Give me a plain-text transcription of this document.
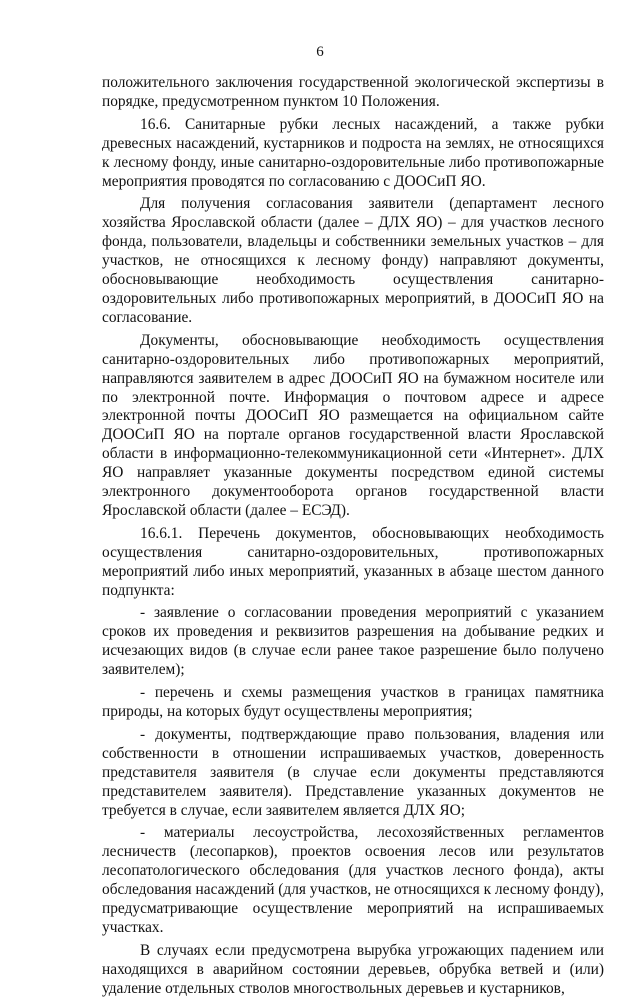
6

положительного заключения государственной экологической экспертизы в порядке, предусмотренном пунктом 10 Положения.

16.6. Санитарные рубки лесных насаждений, а также рубки древесных насаждений, кустарников и подроста на землях, не относящихся к лесному фонду, иные санитарно-оздоровительные либо противопожарные мероприятия проводятся по согласованию с ДООСиП ЯО.

Для получения согласования заявители (департамент лесного хозяйства Ярославской области (далее – ДЛХ ЯО) – для участков лесного фонда, пользователи, владельцы и собственники земельных участков – для участков, не относящихся к лесному фонду) направляют документы, обосновывающие необходимость осуществления санитарно-оздоровительных либо противопожарных мероприятий, в ДООСиП ЯО на согласование.

Документы, обосновывающие необходимость осуществления санитарно-оздоровительных либо противопожарных мероприятий, направляются заявителем в адрес ДООСиП ЯО на бумажном носителе или по электронной почте. Информация о почтовом адресе и адресе электронной почты ДООСиП ЯО размещается на официальном сайте ДООСиП ЯО на портале органов государственной власти Ярославской области в информационно-телекоммуникационной сети «Интернет». ДЛХ ЯО направляет указанные документы посредством единой системы электронного документооборота органов государственной власти Ярославской области (далее – ЕСЭД).

16.6.1. Перечень документов, обосновывающих необходимость осуществления санитарно-оздоровительных, противопожарных мероприятий либо иных мероприятий, указанных в абзаце шестом данного подпункта:

- заявление о согласовании проведения мероприятий с указанием сроков их проведения и реквизитов разрешения на добывание редких и исчезающих видов (в случае если ранее такое разрешение было получено заявителем);

- перечень и схемы размещения участков в границах памятника природы, на которых будут осуществлены мероприятия;

- документы, подтверждающие право пользования, владения или собственности в отношении испрашиваемых участков, доверенность представителя заявителя (в случае если документы представляются представителем заявителя). Представление указанных документов не требуется в случае, если заявителем является ДЛХ ЯО;

- материалы лесоустройства, лесохозяйственных регламентов лесничеств (лесопарков), проектов освоения лесов или результатов лесопатологического обследования (для участков лесного фонда), акты обследования насаждений (для участков, не относящихся к лесному фонду), предусматривающие осуществление мероприятий на испрашиваемых участках.

В случаях если предусмотрена вырубка угрожающих падением или находящихся в аварийном состоянии деревьев, обрубка ветвей и (или) удаление отдельных стволов многоствольных деревьев и кустарников,
